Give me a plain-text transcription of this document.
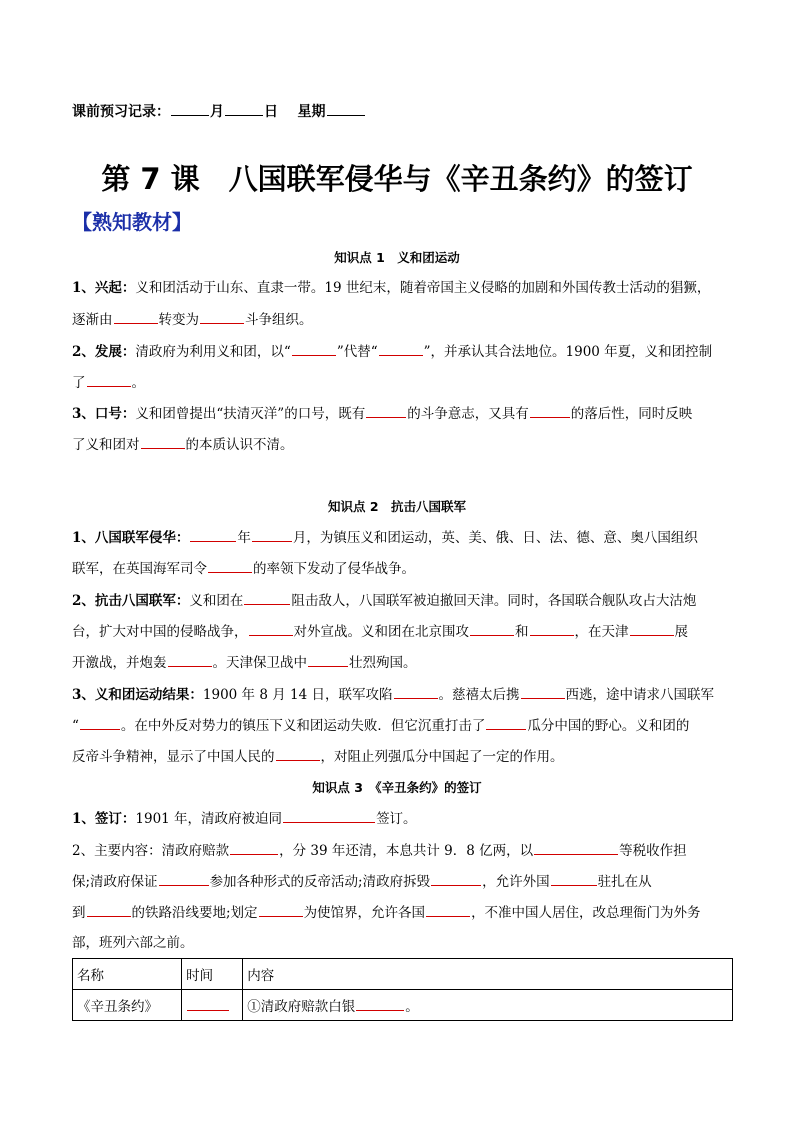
课前预习记录：	月	日 星期
第 7 课　八国联军侵华与《辛丑条约》的签订
【熟知教材】
知识点 1　义和团运动
1、兴起：义和团活动于山东、直隶一带。19 世纪末，随着帝国主义侵略的加剧和外国传教士活动的猖獗，
逐渐由	转变为	斗争组织。
2、发展：清政府为利用义和团，以“	”代替“	”，并承认其合法地位。1900 年夏，义和团控制
了	。
3、口号：义和团曾提出“扶清灭洋”的口号，既有	的斗争意志，又具有	的落后性，同时反映
了义和团对	的本质认识不清。
知识点 2　抗击八国联军
1、八国联军侵华：	年	月，为镇压义和团运动，英、美、俄、日、法、德、意、奥八国组织
联军，在英国海军司令	的率领下发动了侵华战争。
2、抗击八国联军：义和团在	阻击敌人，八国联军被迫撤回天津。同时，各国联合舰队攻占大沽炮
台，扩大对中国的侵略战争，	对外宣战。义和团在北京围攻	和	，在天津	展
开激战，并炮轰	。天津保卫战中	壮烈殉国。
3、义和团运动结果：1900 年 8 月 14 日，联军攻陷	。慈禧太后携	西逃，途中请求八国联军
“	。在中外反对势力的镇压下义和团运动失败．但它沉重打击了	瓜分中国的野心。义和团的
反帝斗争精神，显示了中国人民的	，对阻止列强瓜分中国起了一定的作用。
知识点 3　《辛丑条约》的签订
1、签订：1901 年，清政府被迫同	签订。
2、主要内容：清政府赔款	，分 39 年还清，本息共计 9．8 亿两，以	等税收作担
保;清政府保证	参加各种形式的反帝活动;清政府拆毁	，允许外国	驻扎在从
到	的铁路沿线要地;划定	为使馆界，允许各国	，不准中国人居住，改总理衙门为外务
部，班列六部之前。
名称	时间	内容
《辛丑条约》		①清政府赔款白银 。
